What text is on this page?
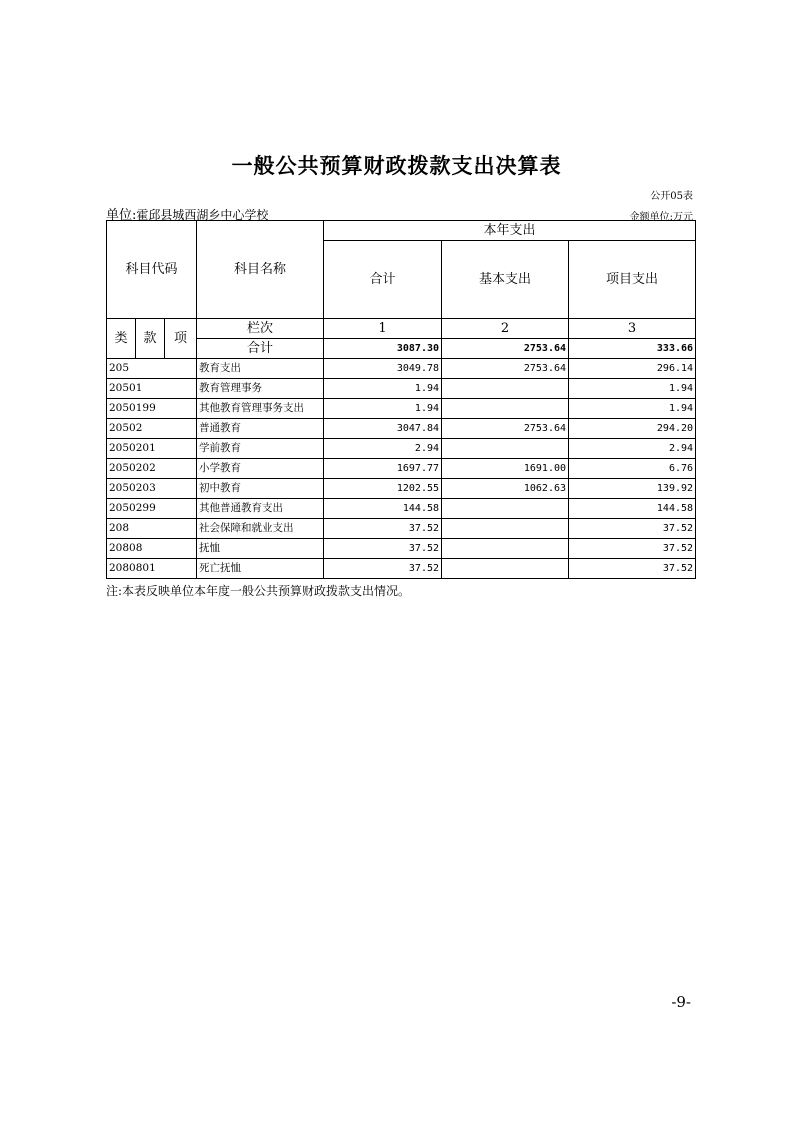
一般公共预算财政拨款支出决算表
公开05表
单位:霍邱县城西湖乡中心学校	金额单位:万元
科目代码			科目名称	本年支出		
				合计	基本支出	项目支出
类	款	项	栏次	1	2	3
			合计	3087.30	2753.64	333.66
205			教育支出	3049.78	2753.64	296.14
20501			教育管理事务	1.94		1.94
2050199			其他教育管理事务支出	1.94		1.94
20502			普通教育	3047.84	2753.64	294.20
2050201			学前教育	2.94		2.94
2050202			小学教育	1697.77	1691.00	6.76
2050203			初中教育	1202.55	1062.63	139.92
2050299			其他普通教育支出	144.58		144.58
208			社会保障和就业支出	37.52		37.52
20808			抚恤	37.52		37.52
2080801			死亡抚恤	37.52		37.52
注:本表反映单位本年度一般公共预算财政拨款支出情况。
-9-
